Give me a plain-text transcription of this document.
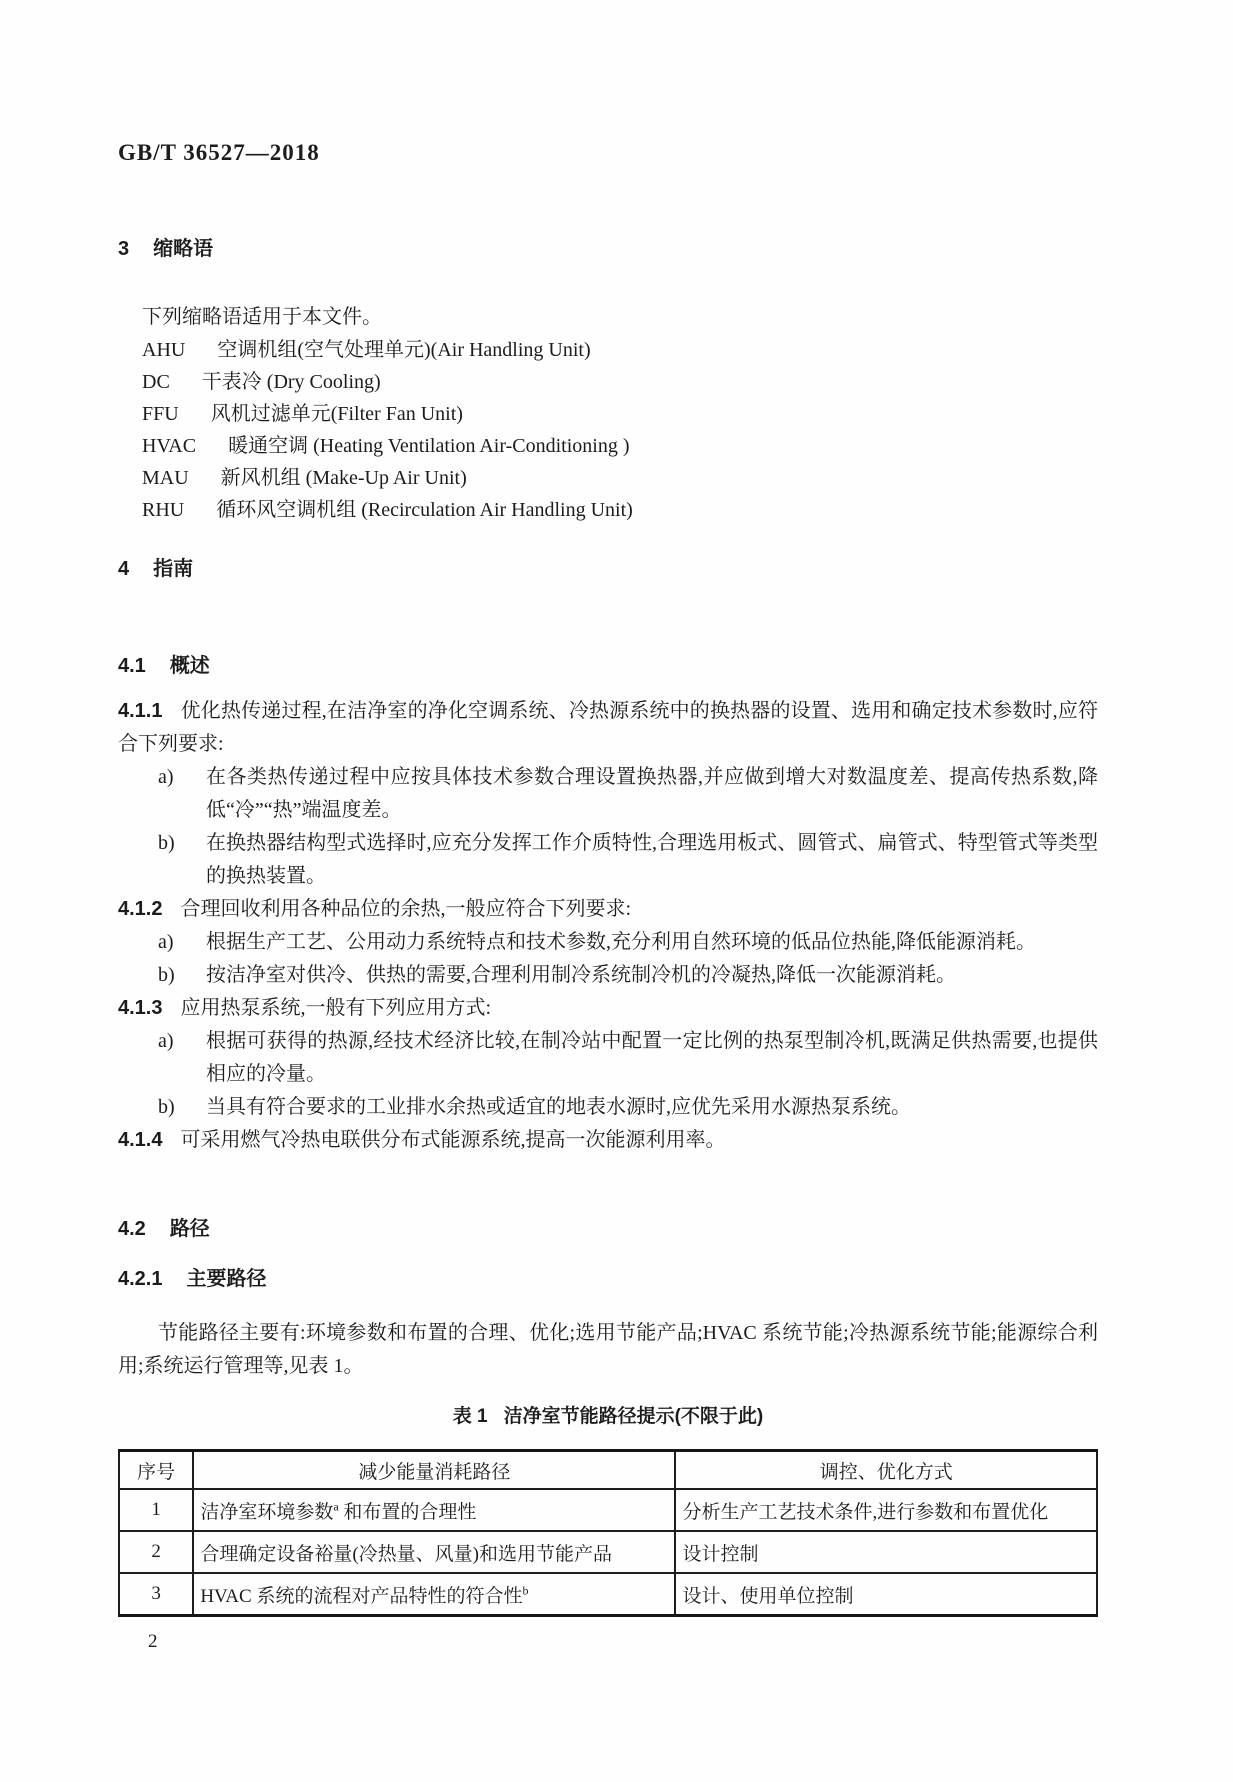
GB/T 36527—2018
3 缩略语

下列缩略语适用于本文件。

AHU 空调机组(空气处理单元)(Air Handling Unit)
DC 干表冷 (Dry Cooling)
FFU 风机过滤单元(Filter Fan Unit)
HVAC 暖通空调 (Heating Ventilation Air-Conditioning )
MAU 新风机组 (Make-Up Air Unit)
RHU 循环风空调机组 (Recirculation Air Handling Unit)
4 指南
4.1 概述

4.1.1 优化热传递过程,在洁净室的净化空调系统、冷热源系统中的换热器的设置、选用和确定技术参数时,应符合下列要求:

a)	在各类热传递过程中应按具体技术参数合理设置换热器,并应做到增大对数温度差、提高传热系数,降低“冷”“热”端温度差。
b)	在换热器结构型式选择时,应充分发挥工作介质特性,合理选用板式、圆管式、扁管式、特型管式等类型的换热装置。

4.1.2 合理回收利用各种品位的余热,一般应符合下列要求:

a)	根据生产工艺、公用动力系统特点和技术参数,充分利用自然环境的低品位热能,降低能源消耗。
b)	按洁净室对供冷、供热的需要,合理利用制冷系统制冷机的冷凝热,降低一次能源消耗。

4.1.3 应用热泵系统,一般有下列应用方式:

a)	根据可获得的热源,经技术经济比较,在制冷站中配置一定比例的热泵型制冷机,既满足供热需要,也提供相应的冷量。
b)	当具有符合要求的工业排水余热或适宜的地表水源时,应优先采用水源热泵系统。

4.1.4 可采用燃气冷热电联供分布式能源系统,提高一次能源利用率。

4.2 路径
4.2.1 主要路径

节能路径主要有:环境参数和布置的合理、优化;选用节能产品;HVAC 系统节能;冷热源系统节能;能源综合利用;系统运行管理等,见表 1。

表 1 洁净室节能路径提示(不限于此)
序号	减少能量消耗路径	调控、优化方式
1	洁净室环境参数$^a$ 和布置的合理性	分析生产工艺技术条件,进行参数和布置优化
2	合理确定设备裕量(冷热量、风量)和选用节能产品	设计控制
3	HVAC 系统的流程对产品特性的符合性$^b$	设计、使用单位控制
2
